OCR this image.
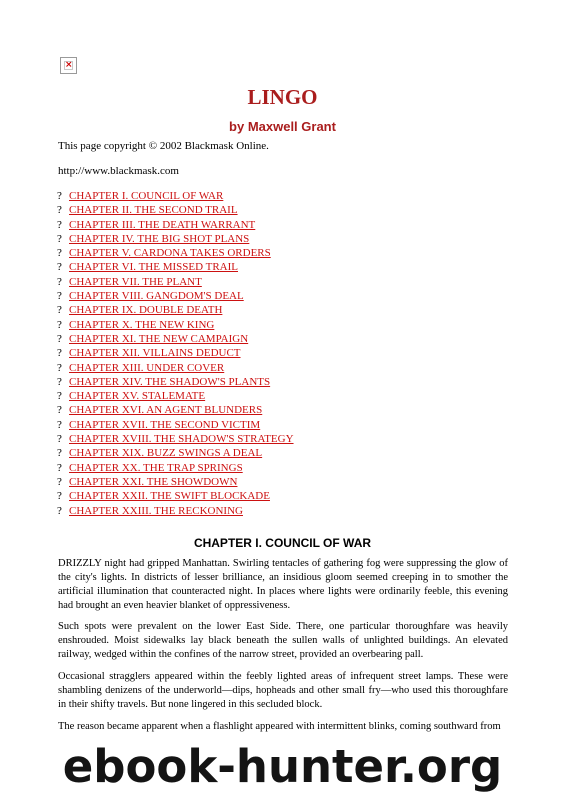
×
LINGO
by Maxwell Grant

This page copyright © 2002 Blackmask Online.

http://www.blackmask.com

? CHAPTER I. COUNCIL OF WAR
? CHAPTER II. THE SECOND TRAIL
? CHAPTER III. THE DEATH WARRANT
? CHAPTER IV. THE BIG SHOT PLANS
? CHAPTER V. CARDONA TAKES ORDERS
? CHAPTER VI. THE MISSED TRAIL
? CHAPTER VII. THE PLANT
? CHAPTER VIII. GANGDOM'S DEAL
? CHAPTER IX. DOUBLE DEATH
? CHAPTER X. THE NEW KING
? CHAPTER XI. THE NEW CAMPAIGN
? CHAPTER XII. VILLAINS DEDUCT
? CHAPTER XIII. UNDER COVER
? CHAPTER XIV. THE SHADOW'S PLANTS
? CHAPTER XV. STALEMATE
? CHAPTER XVI. AN AGENT BLUNDERS
? CHAPTER XVII. THE SECOND VICTIM
? CHAPTER XVIII. THE SHADOW'S STRATEGY
? CHAPTER XIX. BUZZ SWINGS A DEAL
? CHAPTER XX. THE TRAP SPRINGS
? CHAPTER XXI. THE SHOWDOWN
? CHAPTER XXII. THE SWIFT BLOCKADE
? CHAPTER XXIII. THE RECKONING
CHAPTER I. COUNCIL OF WAR

DRIZZLY night had gripped Manhattan. Swirling tentacles of gathering fog were suppressing the glow of the city's lights. In districts of lesser brilliance, an insidious gloom seemed creeping in to smother the artificial illumination that counteracted night. In places where lights were ordinarily feeble, this evening had brought an even heavier blanket of oppressiveness.

Such spots were prevalent on the lower East Side. There, one particular thoroughfare was heavily enshrouded. Moist sidewalks lay black beneath the sullen walls of unlighted buildings. An elevated railway, wedged within the confines of the narrow street, provided an overbearing pall.

Occasional stragglers appeared within the feebly lighted areas of infrequent street lamps. These were shambling denizens of the underworld—dips, hopheads and other small fry—who used this thoroughfare in their shifty travels. But none lingered in this secluded block.

The reason became apparent when a flashlight appeared with intermittent blinks, coming southward from

ebook-hunter.org
